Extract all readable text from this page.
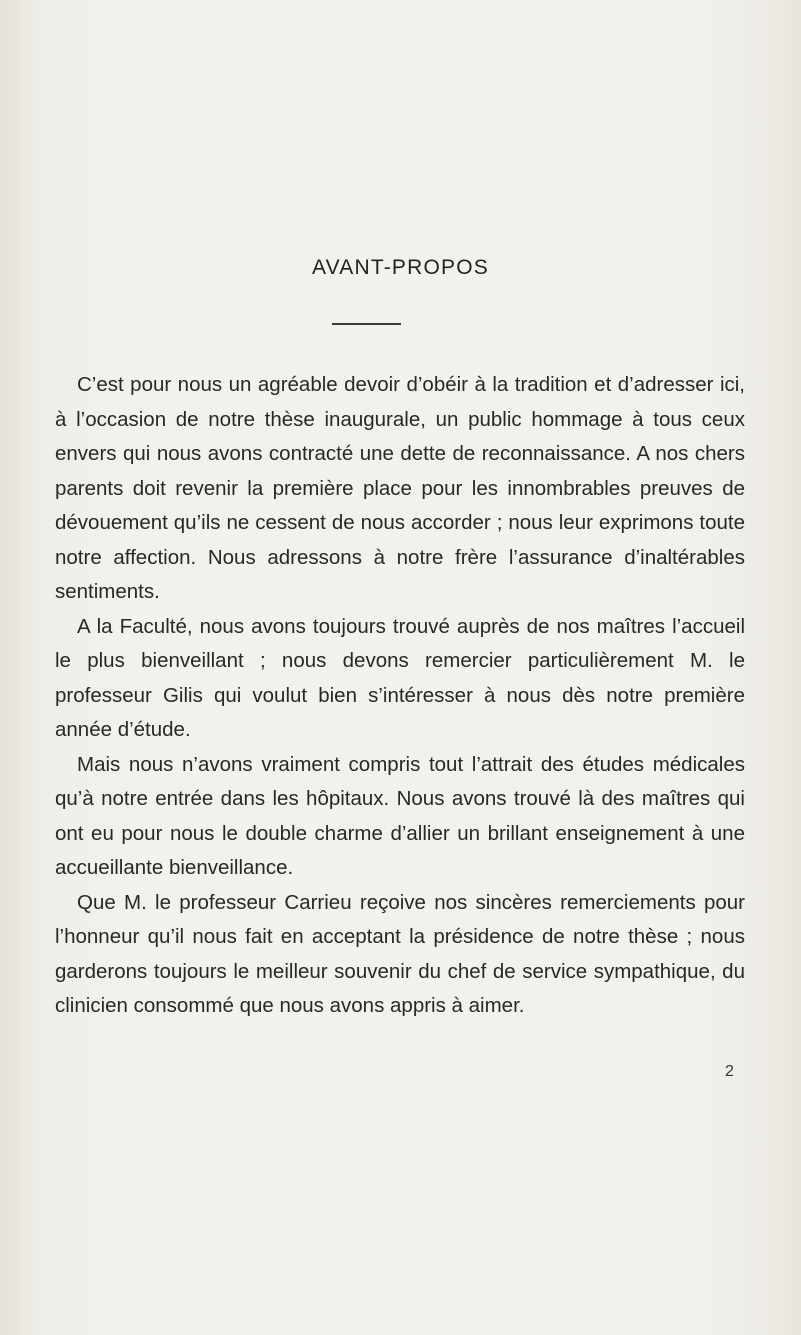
AVANT-PROPOS

C’est pour nous un agréable devoir d’obéir à la tradition et d’adresser ici, à l’occasion de notre thèse inaugurale, un public hommage à tous ceux envers qui nous avons contracté une dette de reconnaissance. A nos chers parents doit revenir la première place pour les innombrables preuves de dévouement qu’ils ne cessent de nous accorder ; nous leur exprimons toute notre affection. Nous adressons à notre frère l’assurance d’inaltérables sentiments.

A la Faculté, nous avons toujours trouvé auprès de nos maîtres l’accueil le plus bienveillant ; nous devons remercier particulièrement M. le professeur Gilis qui voulut bien s’intéresser à nous dès notre première année d’étude.

Mais nous n’avons vraiment compris tout l’attrait des études médicales qu’à notre entrée dans les hôpitaux. Nous avons trouvé là des maîtres qui ont eu pour nous le double charme d’allier un brillant enseignement à une accueillante bienveillance.

Que M. le professeur Carrieu reçoive nos sincères remerciements pour l’honneur qu’il nous fait en acceptant la présidence de notre thèse ; nous garderons toujours le meilleur souvenir du chef de service sympathique, du clinicien consommé que nous avons appris à aimer.

2
